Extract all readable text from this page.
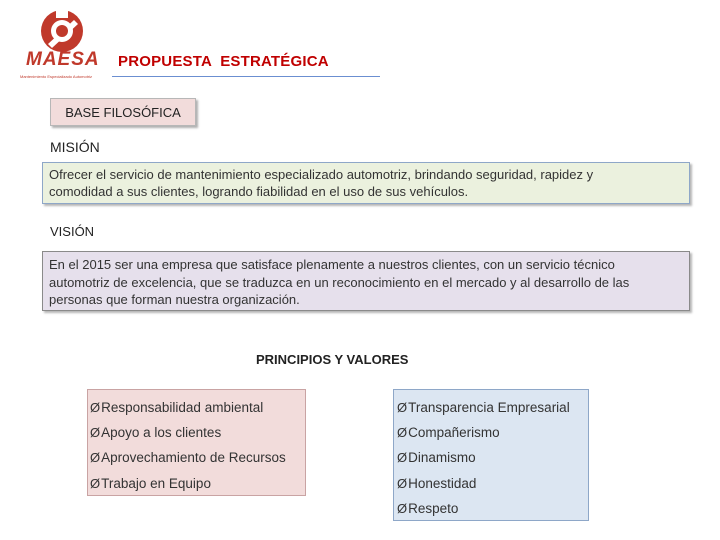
MAESA
Mantenimiento Especializado Automotriz
PROPUESTA  ESTRATÉGICA
BASE FILOSÓFICA
MISIÓN
Ofrecer el servicio de mantenimiento especializado automotriz, brindando seguridad, rapidez y
comodidad a sus clientes, logrando fiabilidad en el uso de sus vehículos.
VISIÓN
En el 2015 ser una empresa que satisface plenamente a nuestros clientes, con un servicio técnico
automotriz de excelencia, que se traduzca en un reconocimiento en el mercado y al desarrollo de las
personas que forman nuestra organización.
PRINCIPIOS Y VALORES
ØResponsabilidad ambiental
ØApoyo a los clientes
ØAprovechamiento de Recursos
ØTrabajo en Equipo
ØTransparencia Empresarial
ØCompañerismo
ØDinamismo
ØHonestidad
ØRespeto
